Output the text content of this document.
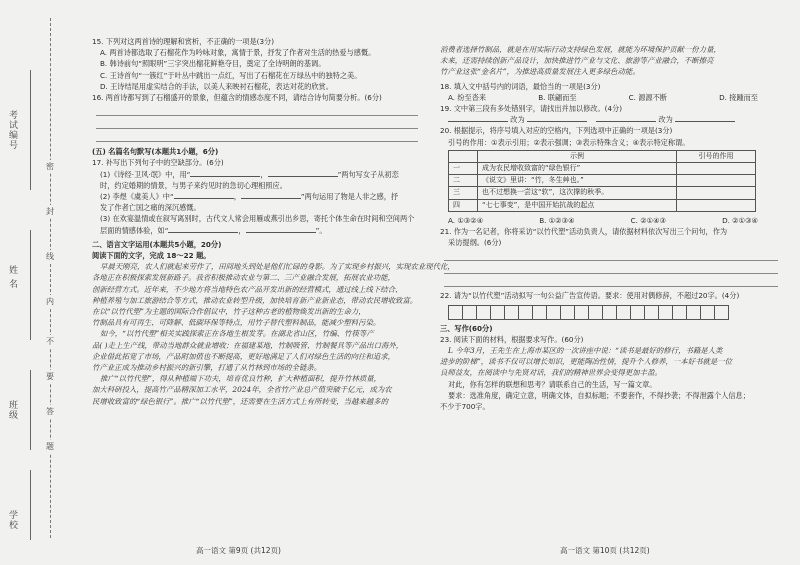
考试编号
姓 名
班级
学校
密
封
线
内
不
要
答
题
15. 下列对这两首诗的理解和赏析，不正确的一项是(3分)
A. 两首诗都选取了石榴花作为吟咏对象，寓情于景，抒发了作者对生活的热爱与感慨。
B. 韩诗前句“照眼明”三字突出榴花鲜艳夺目，奠定了全诗明朗的基调。
C. 王诗首句“一簇红”于叶丛中跳出一点红，写出了石榴花在万绿丛中的独特之美。
D. 王诗结尾用虚实结合的手法，以美人来映衬石榴花，表达对花的欣赏。
16. 两首诗都写到了石榴盛开的景象，但蕴含的情感态度不同，请结合诗句简要分析。(6分)
(五) 名篇名句默写(本题共1小题，6分)
17. 补写出下列句子中的空缺部分。(6分)
(1)《诗经·卫风·氓》中，用“	，	”两句写女子从初恋
时，约定婚期的情景，与男子来约见时的急切心理相照应。
(2) 李煜《虞美人》中“	，	”两句运用了物是人非之感，抒
发了作者亡国之痛的深沉感慨。
(3) 在欢宴温情或在叙写离别时，古代文人常会用雁或燕引出乡思，寄托个体生命在时间和空间两个
层面的情感体验，如“	，	”。
二、语言文字运用(本题共5小题，20分)
阅读下面的文字，完成 18～22 题。
早晨天刚亮，农人们就起来劳作了，田间地头到处是他们忙碌的身影。为了实现乡村振兴，实现农业现代化，
各地正在积极探索发展新路子。我省积极推动农业与第二、三产业融合发展，拓展农业功能，
创新经营方式。近年来，不少地方将当地特色农产品开发出新的经营模式，通过线上线下结合、
种植养殖与加工旅游结合等方式，推动农业转型升级，加快培育新产业新业态，带动农民增收致富。
在以“以竹代塑”为主题的国际合作倡议中，竹子这种古老的植物焕发出新的生命力，
竹制品具有可再生、可降解、低碳环保等特点，用竹子替代塑料制品，能减少塑料污染。
如今，“以竹代塑”相关实践探索正在各地生根发芽。在湖北省山区，竹编、竹筷等产
品( )走上生产线，带动当地群众就业增收；在福建某地，竹制吸管、竹制餐具等产品出口海外，
企业借此拓宽了市场，产品附加值也不断提高，更好地满足了人们对绿色生活的向往和追求，
竹产业正成为推动乡村振兴的新引擎，打通了从竹林到市场的全链条。
推广“以竹代塑”，得从种植端下功夫，培育优良竹种，扩大种植面积，提升竹林质量，
加大科研投入，提高竹产品精深加工水平，2024年，全省竹产业总产值突破千亿元，成为农
民增收致富的“绿色银行”。推广“以竹代塑”，还需要在生活方式上有所转变，当越来越多的
高一语文 第9页 (共12页)
消费者选择竹制品，就是在用实际行动支持绿色发展，就能为环境保护贡献一份力量，
未来，还需持续创新产品设计，加快推进竹产业与文化、旅游等产业融合，不断擦亮
竹产业这张“金名片”，为推进高质量发展注入更多绿色动能。
18. 填入文中括号内的词语，最恰当的一项是(3分)
A. 纷至沓来	B. 联翩而至	C. 源源不断	D. 接踵而至
19. 文中第三段有多处错别字，请找出并加以修改。(4分)
改为	改为
20. 根据提示，将序号填入对应的空格内，下列选项中正确的一项是(3分)
引号的作用：①表示引用；②表示强调；③表示特殊含义；④表示特定称谓。
	示例	引号的作用
一	成为农民增收致富的“绿色银行”	
二	《说文》里讲：“竹，冬生艸也。”	
三	也不过想换一尝这“软”，这次撑的秋季。	
四	“七七事变”，是中国开始抗战的起点	
A. ①③②④	B. ①②③④	C. ②①④③	D. ②①③④
21. 作为一名记者，你将采访“以竹代塑”活动负责人，请依据材料依次写出三个问句，作为
采访提纲。(6分)
22. 请为“以竹代塑”活动拟写一句公益广告宣传语。要求：使用对偶修辞，不超过20字。(4分)
三、写作(60分)
23. 阅读下面的材料，根据要求写作。(60分)
L 今年3月，王先生在上海市某区的一次讲座中说：“读书是最好的修行，书籍是人类
进步的阶梯”，读书不仅可以增长知识，更能陶冶性情，提升个人修养，一本好书就是一位
良师益友，在阅读中与先贤对话，我们的精神世界会变得更加丰盈。
对此，你有怎样的联想和思考？请联系自己的生活，写一篇文章。
要求：选准角度，确定立意，明确文体，自拟标题；不要套作，不得抄袭；不得泄露个人信息；
不少于700字。
高一语文 第10页 (共12页)
